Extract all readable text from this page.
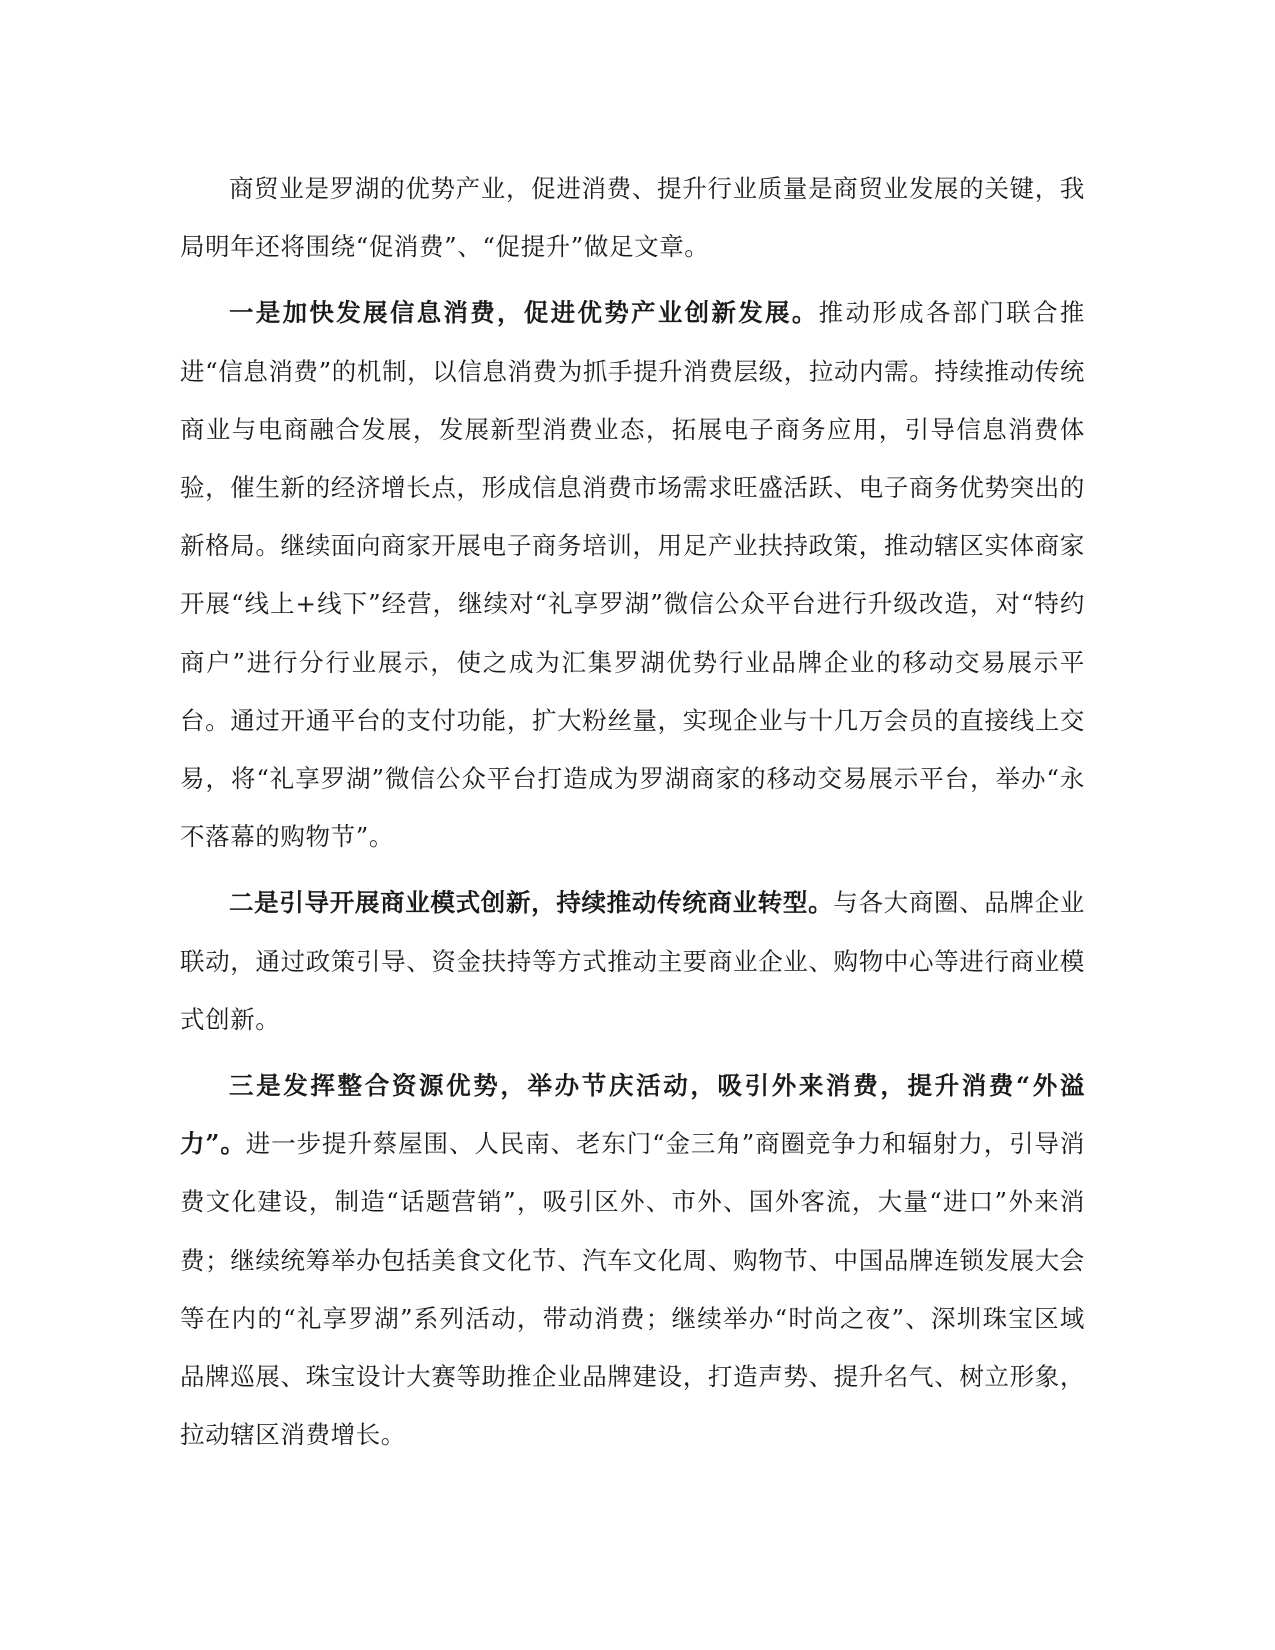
商贸业是罗湖的优势产业，促进消费、提升行业质量是商贸业发展的关键，我局明年还将围绕“促消费”、“促提升”做足文章。

一是加快发展信息消费，促进优势产业创新发展。推动形成各部门联合推进“信息消费”的机制，以信息消费为抓手提升消费层级，拉动内需。持续推动传统商业与电商融合发展，发展新型消费业态，拓展电子商务应用，引导信息消费体验，催生新的经济增长点，形成信息消费市场需求旺盛活跃、电子商务优势突出的新格局。继续面向商家开展电子商务培训，用足产业扶持政策，推动辖区实体商家开展“线上+线下”经营，继续对“礼享罗湖”微信公众平台进行升级改造，对“特约商户”进行分行业展示，使之成为汇集罗湖优势行业品牌企业的移动交易展示平台。通过开通平台的支付功能，扩大粉丝量，实现企业与十几万会员的直接线上交易，将“礼享罗湖”微信公众平台打造成为罗湖商家的移动交易展示平台，举办“永不落幕的购物节”。

二是引导开展商业模式创新，持续推动传统商业转型。与各大商圈、品牌企业联动，通过政策引导、资金扶持等方式推动主要商业企业、购物中心等进行商业模式创新。

三是发挥整合资源优势，举办节庆活动，吸引外来消费，提升消费“外溢力”。进一步提升蔡屋围、人民南、老东门“金三角”商圈竞争力和辐射力，引导消费文化建设，制造“话题营销”，吸引区外、市外、国外客流，大量“进口”外来消费；继续统筹举办包括美食文化节、汽车文化周、购物节、中国品牌连锁发展大会等在内的“礼享罗湖”系列活动，带动消费；继续举办“时尚之夜”、深圳珠宝区域品牌巡展、珠宝设计大赛等助推企业品牌建设，打造声势、提升名气、树立形象，拉动辖区消费增长。
